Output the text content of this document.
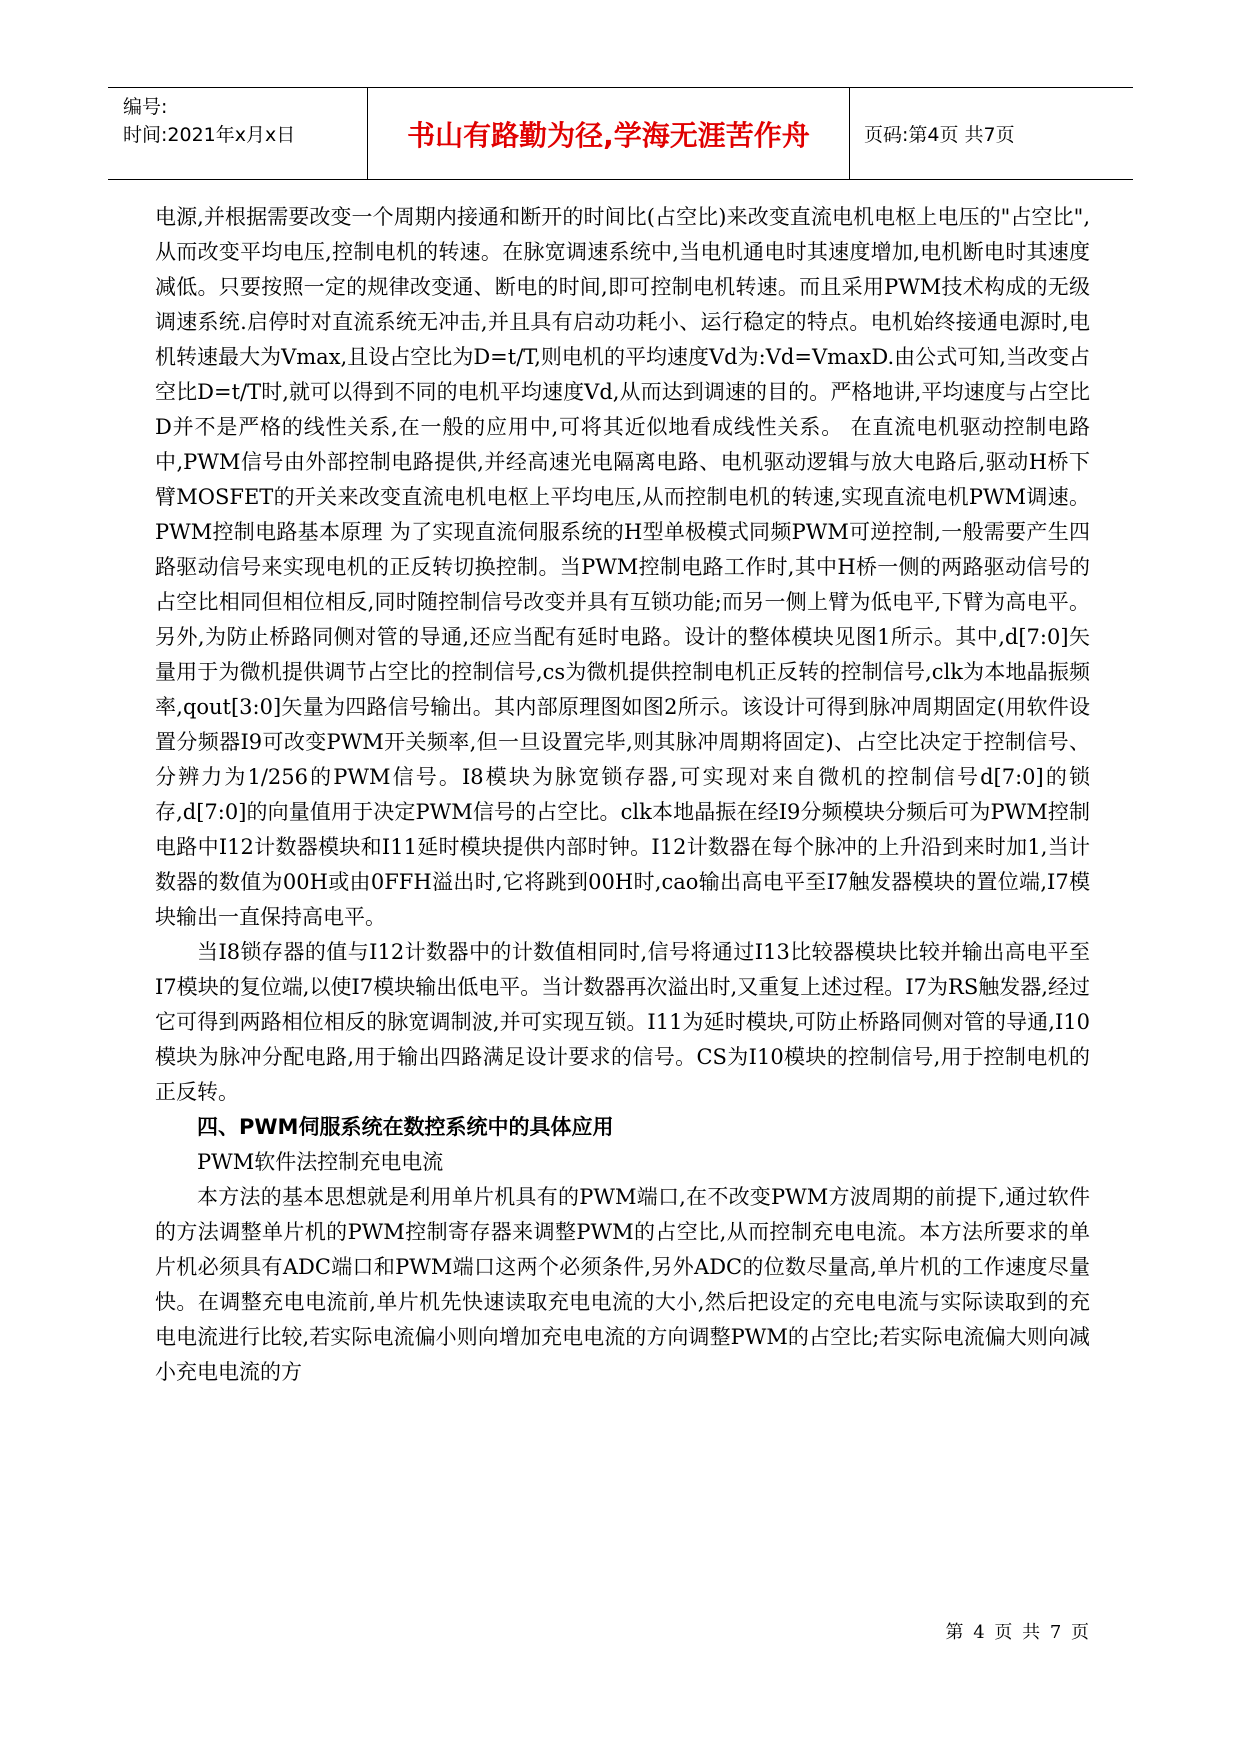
编号:
时间:2021年x月x日	书山有路勤为径,学海无涯苦作舟	页码:第4页 共7页

电源,并根据需要改变一个周期内接通和断开的时间比(占空比)来改变直流电机电枢上电压的"占空比",从而改变平均电压,控制电机的转速。在脉宽调速系统中,当电机通电时其速度增加,电机断电时其速度减低。只要按照一定的规律改变通、断电的时间,即可控制电机转速。而且采用PWM技术构成的无级调速系统.启停时对直流系统无冲击,并且具有启动功耗小、运行稳定的特点。电机始终接通电源时,电机转速最大为Vmax,且设占空比为D=t/T,则电机的平均速度Vd为:Vd=VmaxD.由公式可知,当改变占空比D=t/T时,就可以得到不同的电机平均速度Vd,从而达到调速的目的。严格地讲,平均速度与占空比D并不是严格的线性关系,在一般的应用中,可将其近似地看成线性关系。 在直流电机驱动控制电路中,PWM信号由外部控制电路提供,并经高速光电隔离电路、电机驱动逻辑与放大电路后,驱动H桥下臂MOSFET的开关来改变直流电机电枢上平均电压,从而控制电机的转速,实现直流电机PWM调速。PWM控制电路基本原理 为了实现直流伺服系统的H型单极模式同频PWM可逆控制,一般需要产生四路驱动信号来实现电机的正反转切换控制。当PWM控制电路工作时,其中H桥一侧的两路驱动信号的占空比相同但相位相反,同时随控制信号改变并具有互锁功能;而另一侧上臂为低电平,下臂为高电平。另外,为防止桥路同侧对管的导通,还应当配有延时电路。设计的整体模块见图1所示。其中,d[7:0]矢量用于为微机提供调节占空比的控制信号,cs为微机提供控制电机正反转的控制信号,clk为本地晶振频率,qout[3:0]矢量为四路信号输出。其内部原理图如图2所示。该设计可得到脉冲周期固定(用软件设置分频器I9可改变PWM开关频率,但一旦设置完毕,则其脉冲周期将固定)、占空比决定于控制信号、分辨力为1/256的PWM信号。I8模块为脉宽锁存器,可实现对来自微机的控制信号d[7:0]的锁存,d[7:0]的向量值用于决定PWM信号的占空比。clk本地晶振在经I9分频模块分频后可为PWM控制电路中I12计数器模块和I11延时模块提供内部时钟。I12计数器在每个脉冲的上升沿到来时加1,当计数器的数值为00H或由0FFH溢出时,它将跳到00H时,cao输出高电平至I7触发器模块的置位端,I7模块输出一直保持高电平。

当I8锁存器的值与I12计数器中的计数值相同时,信号将通过I13比较器模块比较并输出高电平至I7模块的复位端,以使I7模块输出低电平。当计数器再次溢出时,又重复上述过程。I7为RS触发器,经过它可得到两路相位相反的脉宽调制波,并可实现互锁。I11为延时模块,可防止桥路同侧对管的导通,I10模块为脉冲分配电路,用于输出四路满足设计要求的信号。CS为I10模块的控制信号,用于控制电机的正反转。

四、PWM伺服系统在数控系统中的具体应用

PWM软件法控制充电电流

本方法的基本思想就是利用单片机具有的PWM端口,在不改变PWM方波周期的前提下,通过软件的方法调整单片机的PWM控制寄存器来调整PWM的占空比,从而控制充电电流。本方法所要求的单片机必须具有ADC端口和PWM端口这两个必须条件,另外ADC的位数尽量高,单片机的工作速度尽量快。在调整充电电流前,单片机先快速读取充电电流的大小,然后把设定的充电电流与实际读取到的充电电流进行比较,若实际电流偏小则向增加充电电流的方向调整PWM的占空比;若实际电流偏大则向减小充电电流的方

第 4 页 共 7 页
